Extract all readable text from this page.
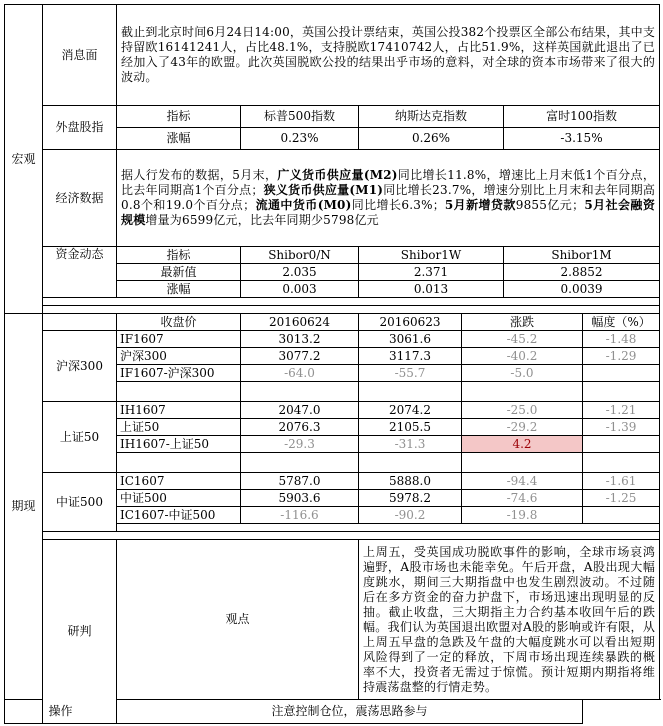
宏观	消息面	截止到北京时间6月24日14:00，英国公投计票结束，英国公投382个投票区全部公布结果，其中支持留欧16141241人，占比48.1%，支持脱欧17410742人，占比51.9%，这样英国就此退出了已经加入了43年的欧盟。此次英国脱欧公投的结果出乎市场的意料，对全球的资本市场带来了很大的波动。					
	外盘股指	指标	标普500指数	纳斯达克指数		富时100指数	
		涨幅	0.23%	0.26%		-3.15%	
	经济数据	据人行发布的数据，5月末，广义货币供应量(M2)同比增长11.8%，增速比上月末低1个百分点，比去年同期高1个百分点；狭义货币供应量(M1)同比增长23.7%，增速分别比上月末和去年同期高0.8个和19.0个百分点；流通中货币(M0)同比增长6.3%；5月新增贷款9855亿元；5月社会融资规模增量为6599亿元，比去年同期少5798亿元					
	资金动态	指标	Shibor0/N	Shibor1W		Shibor1M	
		最新值	2.035	2.371		2.8852	
		涨幅	0.003	0.013		0.0039	

期现		收盘价	20160624	20160623	涨跌		幅度（%）
	沪深300	IF1607	3013.2	3061.6	-45.2		-1.48
		沪深300	3077.2	3117.3	-40.2		-1.29
		IF1607-沪深300	-64.0	-55.7	-5.0		

	上证50	IH1607	2047.0	2074.2	-25.0		-1.21
		上证50	2076.3	2105.5	-29.2		-1.39
		IH1607-上证50	-29.3	-31.3	4.2		

	中证500	IC1607	5787.0	5888.0	-94.4		-1.61
		中证500	5903.6	5978.2	-74.6		-1.25
		IC1607-中证500	-116.6	-90.2	-19.8		

	研判	观点		上周五，受英国成功脱欧事件的影响，全球市场哀鸿遍野，A股市场也未能幸免。午后开盘，A股出现大幅度跳水，期间三大期指盘中也发生剧烈波动。不过随后在多方资金的奋力护盘下，市场迅速出现明显的反抽。截止收盘，三大期指主力合约基本收回午后的跌幅。我们认为英国退出欧盟对A股的影响或许有限，从上周五早盘的急跌及午盘的大幅度跳水可以看出短期风险得到了一定的释放，下周市场出现连续暴跌的概率不大，投资者无需过于惊慌。预计短期内期指将维持震荡盘整的行情走势。			
操作		注意控制仓位，震荡思路参与					
